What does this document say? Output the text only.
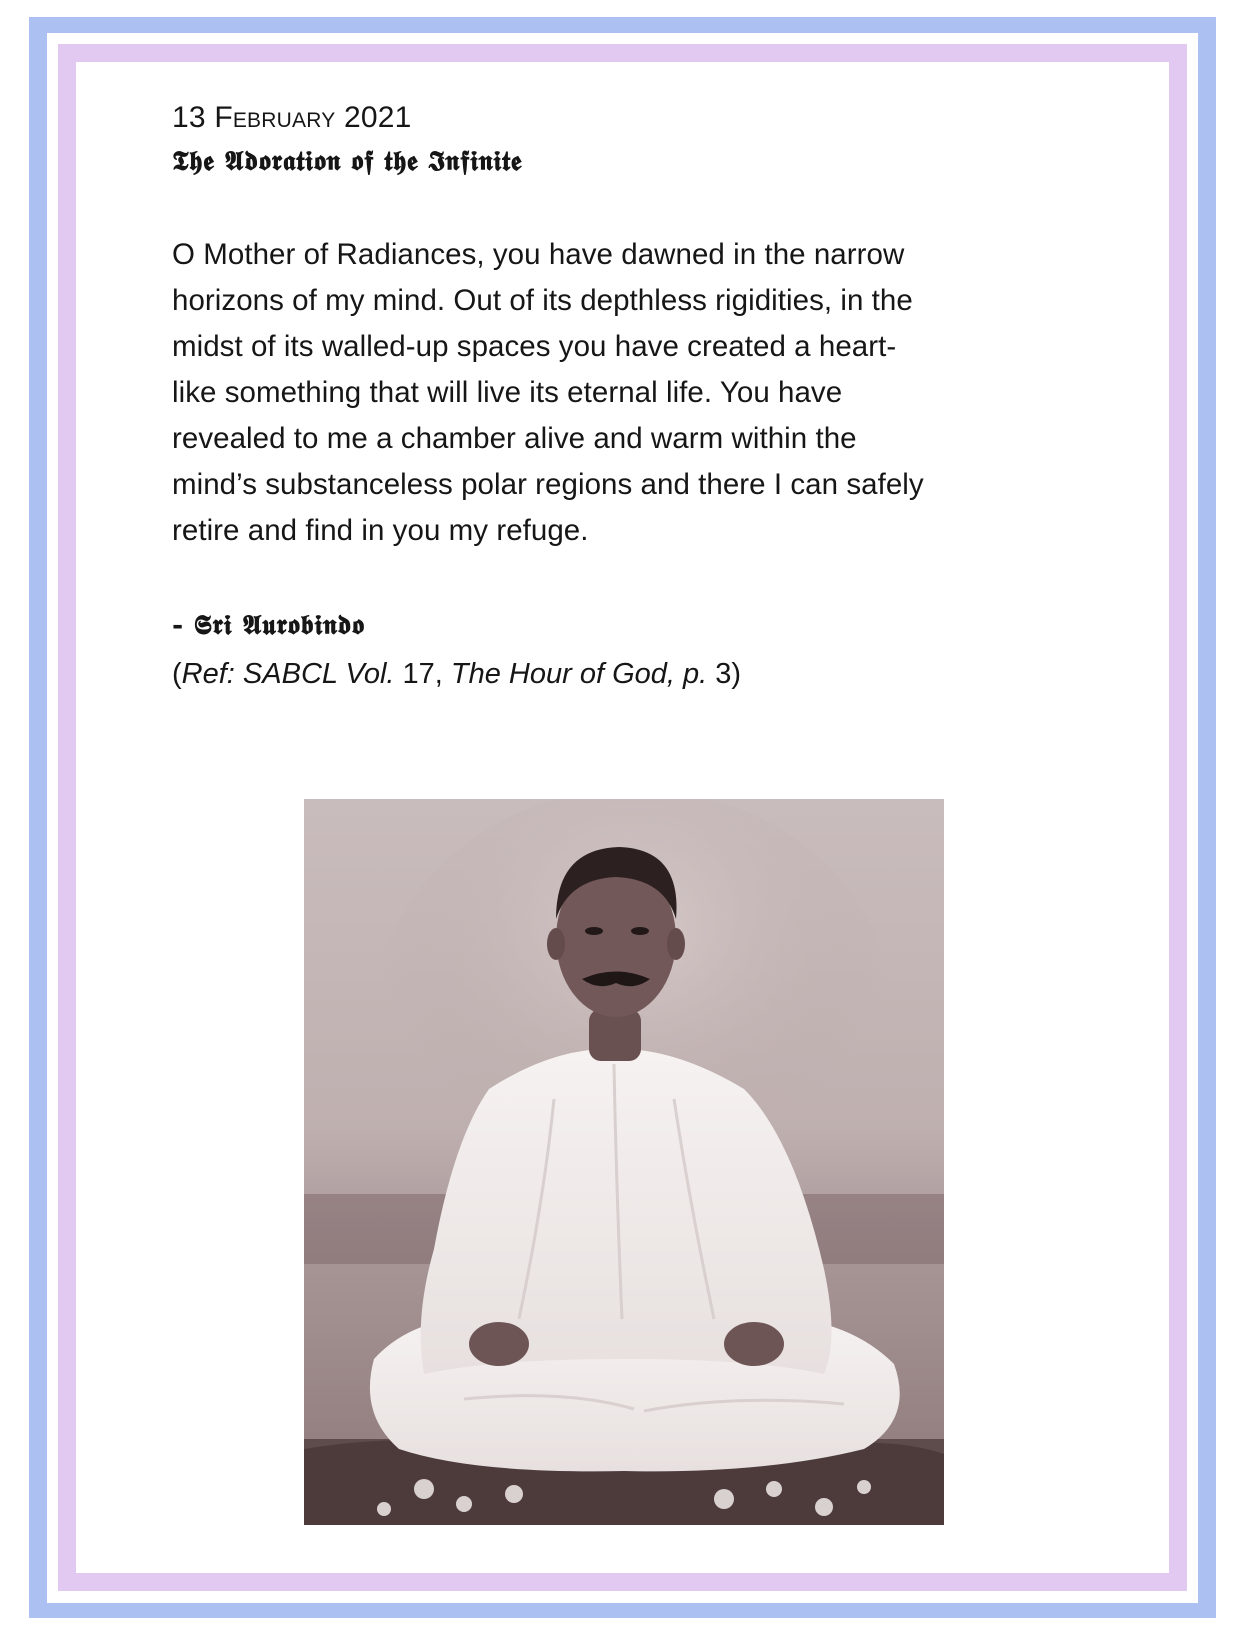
13 February 2021

𝕿𝖍𝖊 𝕬𝖉𝖔𝖗𝖆𝖙𝖎𝖔𝖓 𝖔𝖋 𝖙𝖍𝖊 𝕴𝖓𝖋𝖎𝖓𝖎𝖙𝖊

O Mother of Radiances, you have dawned in the narrow
horizons of my mind. Out of its depthless rigidities, in the
midst of its walled-up spaces you have created a heart-
like something that will live its eternal life. You have
revealed to me a chamber alive and warm within the
mind’s substanceless polar regions and there I can safely
retire and find in you my refuge.

- 𝕾𝖗𝖎 𝕬𝖚𝖗𝖔𝖇𝖎𝖓𝖉𝖔

(Ref: SABCL Vol. 17, The Hour of God, p. 3)
